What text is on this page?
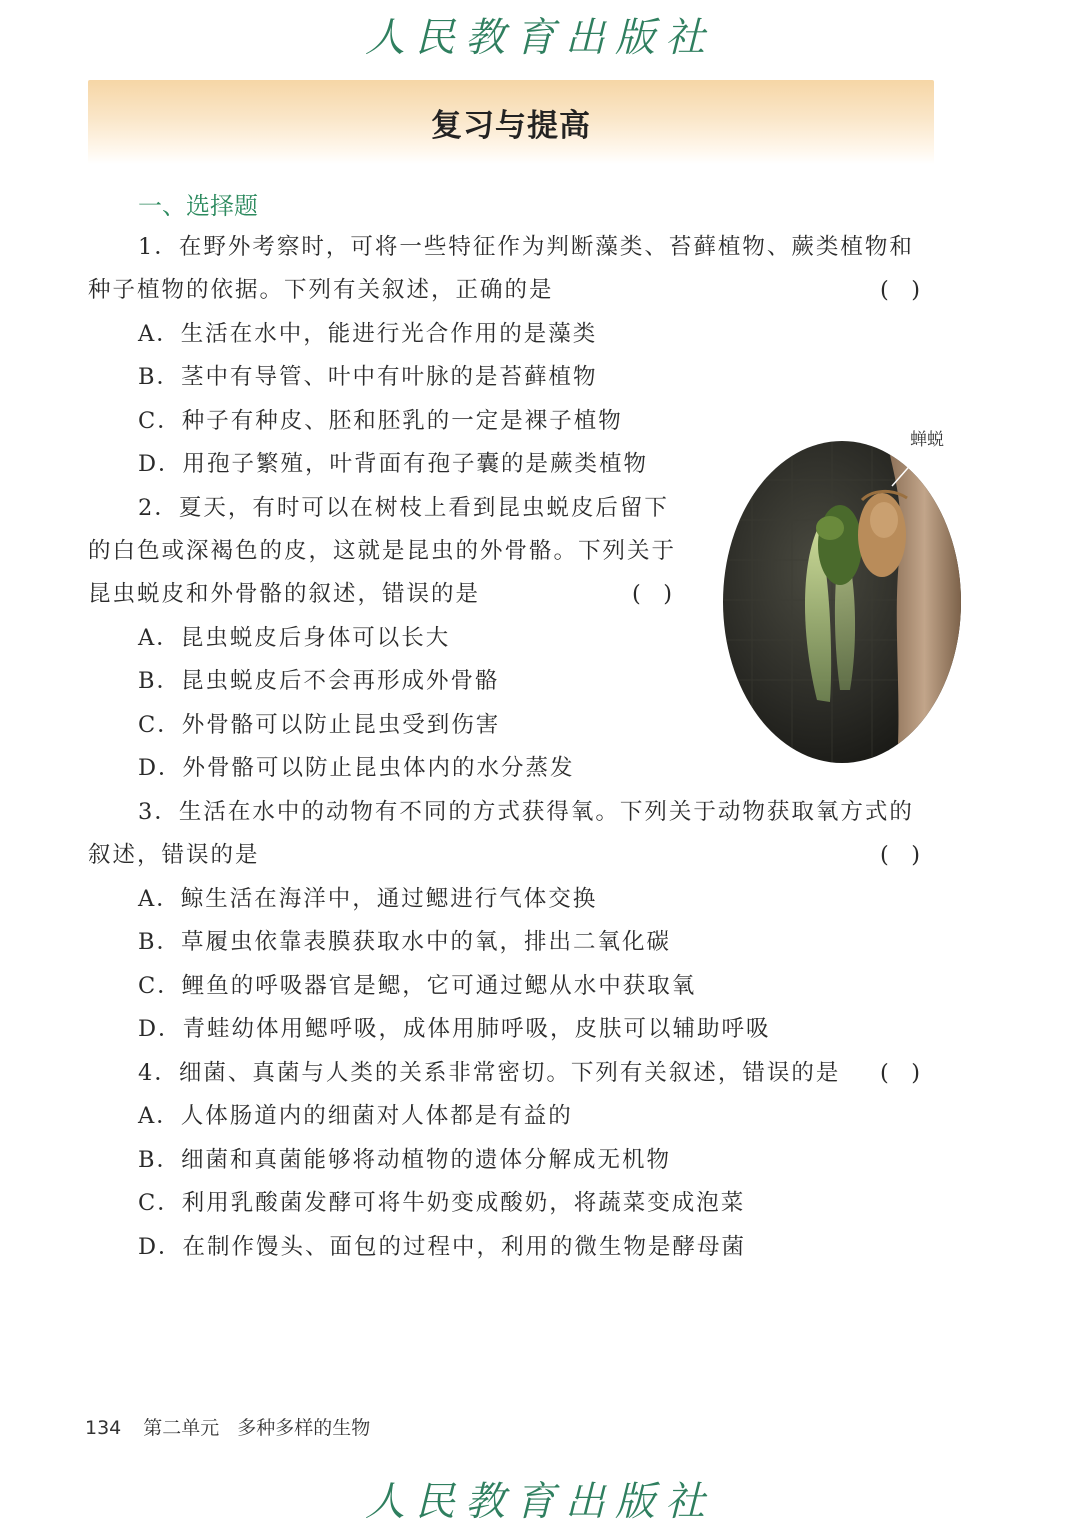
人民教育出版社
复习与提高
一、选择题
1．在野外考察时，可将一些特征作为判断藻类、苔藓植物、蕨类植物和
种子植物的依据。下列有关叙述，正确的是	(　)
A．生活在水中，能进行光合作用的是藻类
B．茎中有导管、叶中有叶脉的是苔藓植物
C．种子有种皮、胚和胚乳的一定是裸子植物
D．用孢子繁殖，叶背面有孢子囊的是蕨类植物
2．夏天，有时可以在树枝上看到昆虫蜕皮后留下
的白色或深褐色的皮，这就是昆虫的外骨骼。下列关于
昆虫蜕皮和外骨骼的叙述，错误的是	(　)
A．昆虫蜕皮后身体可以长大
B．昆虫蜕皮后不会再形成外骨骼
C．外骨骼可以防止昆虫受到伤害
D．外骨骼可以防止昆虫体内的水分蒸发
3．生活在水中的动物有不同的方式获得氧。下列关于动物获取氧方式的
叙述，错误的是	(　)
A．鲸生活在海洋中，通过鳃进行气体交换
B．草履虫依靠表膜获取水中的氧，排出二氧化碳
C．鲤鱼的呼吸器官是鳃，它可通过鳃从水中获取氧
D．青蛙幼体用鳃呼吸，成体用肺呼吸，皮肤可以辅助呼吸
4．细菌、真菌与人类的关系非常密切。下列有关叙述，错误的是 (　)
A．人体肠道内的细菌对人体都是有益的
B．细菌和真菌能够将动植物的遗体分解成无机物
C．利用乳酸菌发酵可将牛奶变成酸奶，将蔬菜变成泡菜
D．在制作馒头、面包的过程中，利用的微生物是酵母菌
蝉蜕
134 第二单元 多种多样的生物
人民教育出版社
